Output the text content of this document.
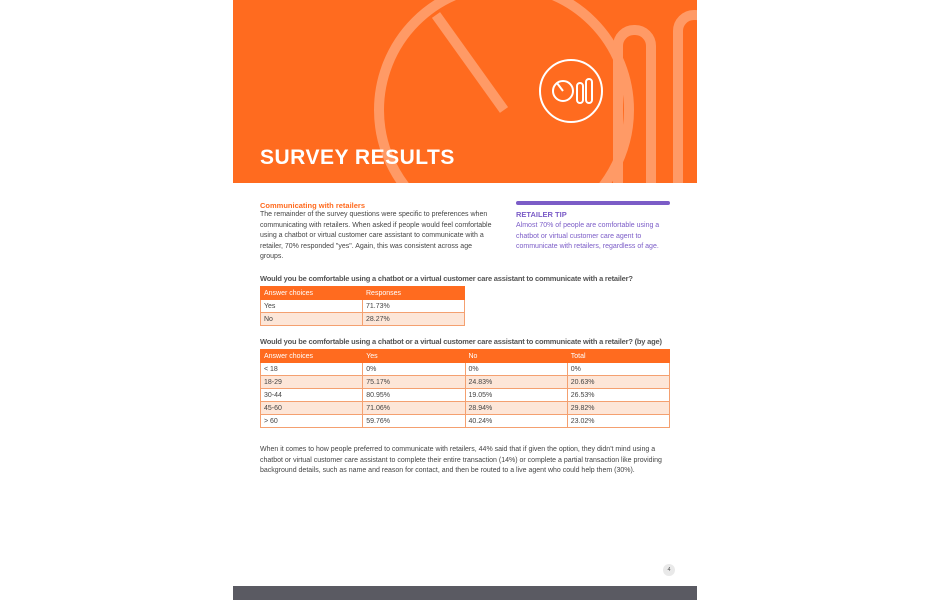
SURVEY RESULTS
Communicating with retailers

The remainder of the survey questions were specific to preferences when communicating with retailers. When asked if people would feel comfortable using a chatbot or virtual customer care assistant to communicate with a retailer, 70% responded "yes". Again, this was consistent across age groups.

RETAILER TIP

Almost 70% of people are comfortable using a chatbot or virtual customer care agent to communicate with retailers, regardless of age.

Would you be comfortable using a chatbot or a virtual customer care assistant to communicate with a retailer?
Answer choices	Responses
Yes	71.73%
No	28.27%
Would you be comfortable using a chatbot or a virtual customer care assistant to communicate with a retailer? (by age)
Answer choices	Yes	No	Total
< 18	0%	0%	0%
18-29	75.17%	24.83%	20.63%
30-44	80.95%	19.05%	26.53%
45-60	71.06%	28.94%	29.82%
> 60	59.76%	40.24%	23.02%

When it comes to how people preferred to communicate with retailers, 44% said that if given the option, they didn't mind using a chatbot or virtual customer care assistant to complete their entire transaction (14%) or complete a partial transaction like providing background details, such as name and reason for contact, and then be routed to a live agent who could help them (30%).

4
